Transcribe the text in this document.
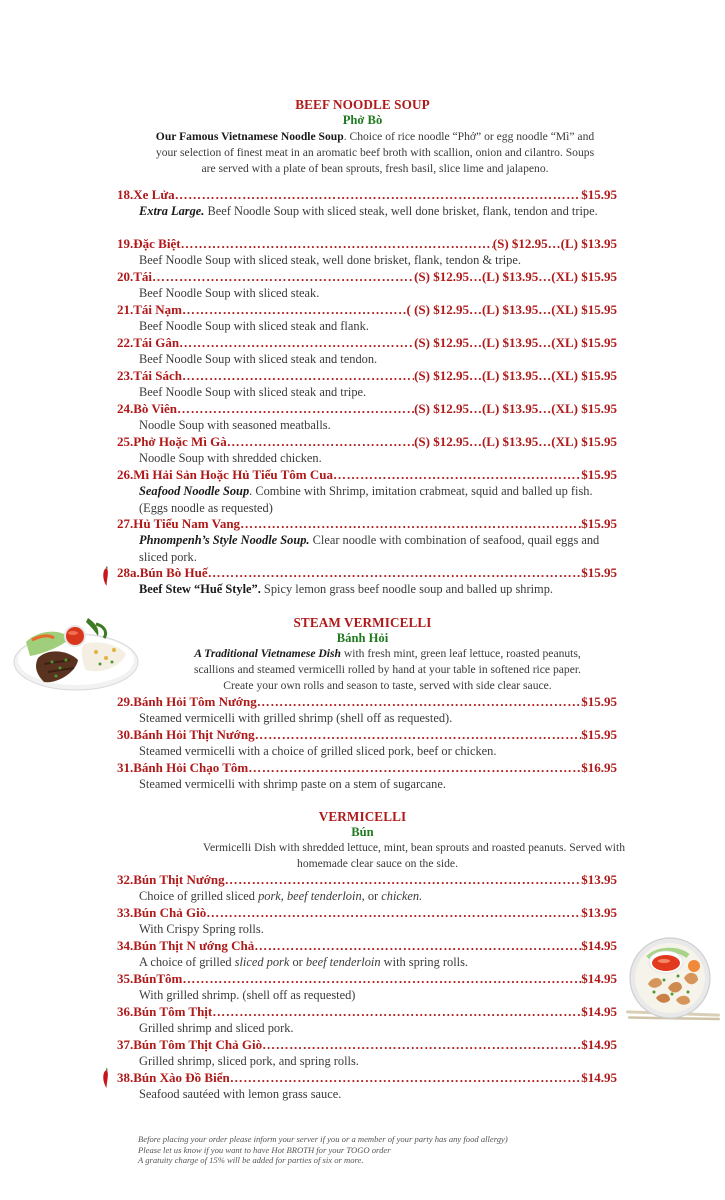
BEEF NOODLE SOUP
Phở Bò
Our Famous Vietnamese Noodle Soup. Choice of rice noodle “Phở” or egg noodle “Mì” and
your selection of finest meat in an aromatic beef broth with scallion, onion and cilantro. Soups
are served with a plate of bean sprouts, fresh basil, slice lime and jalapeno.
18. Xe Lửa ………………………………………………………………………………………………………………………………………………………	$15.95
Extra Large. Beef Noodle Soup with sliced steak, well done brisket, flank, tendon and tripe.
19. Đặc Biệt ………………………………………………………………………………………………………………………………………………………	(S) $12.95…(L) $13.95
Beef Noodle Soup with sliced steak, well done brisket, flank, tendon & tripe.
20. Tái ………………………………………………………………………………………………………………………………………………………	(S) $12.95…(L) $13.95…(XL) $15.95
Beef Noodle Soup with sliced steak.
21. Tái Nạm ………………………………………………………………………………………………………………………………………………………	( (S) $12.95…(L) $13.95…(XL) $15.95
Beef Noodle Soup with sliced steak and flank.
22. Tái Gân ………………………………………………………………………………………………………………………………………………………	(S) $12.95…(L) $13.95…(XL) $15.95
Beef Noodle Soup with sliced steak and tendon.
23. Tái Sách ………………………………………………………………………………………………………………………………………………………	(S) $12.95…(L) $13.95…(XL) $15.95
Beef Noodle Soup with sliced steak and tripe.
24. Bò Viên ………………………………………………………………………………………………………………………………………………………	(S) $12.95…(L) $13.95…(XL) $15.95
Noodle Soup with seasoned meatballs.
25. Phở Hoặc Mì Gà ………………………………………………………………………………………………………………………………………………………	(S) $12.95…(L) $13.95…(XL) $15.95
Noodle Soup with shredded chicken.
26. Mì Hải Sản Hoặc Hủ Tiếu Tôm Cua ………………………………………………………………………………………………………………………………………………………	$15.95
Seafood Noodle Soup. Combine with Shrimp, imitation crabmeat, squid and balled up fish. (Eggs noodle as requested)
27. Hủ Tiếu Nam Vang ………………………………………………………………………………………………………………………………………………………	$15.95
Phnompenh’s Style Noodle Soup. Clear noodle with combination of seafood, quail eggs and sliced pork.
28a. Bún Bò Huế ………………………………………………………………………………………………………………………………………………………	$15.95
Beef Stew “Huế Style”. Spicy lemon grass beef noodle soup and balled up shrimp.
STEAM VERMICELLI
Bánh Hỏi
A Traditional Vietnamese Dish with fresh mint, green leaf lettuce, roasted peanuts,
scallions and steamed vermicelli rolled by hand at your table in softened rice paper.
Create your own rolls and season to taste, served with side clear sauce.
29. Bánh Hỏi Tôm Nướng ………………………………………………………………………………………………………………………………………………………	$15.95
Steamed vermicelli with grilled shrimp (shell off as requested).
30. Bánh Hỏi Thịt Nướng ………………………………………………………………………………………………………………………………………………………	$15.95
Steamed vermicelli with a choice of grilled sliced pork, beef or chicken.
31. Bánh Hỏi Chạo Tôm ………………………………………………………………………………………………………………………………………………………	$16.95
Steamed vermicelli with shrimp paste on a stem of sugarcane.
VERMICELLI
Bún
Vermicelli Dish with shredded lettuce, mint, bean sprouts and roasted peanuts. Served with
homemade clear sauce on the side.
32. Bún Thịt Nướng ………………………………………………………………………………………………………………………………………………………	$13.95
Choice of grilled sliced pork, beef tenderloin, or chicken.
33. Bún Chả Giò ………………………………………………………………………………………………………………………………………………………	$13.95
With Crispy Spring rolls.
34. Bún Thịt N ướng Chả ………………………………………………………………………………………………………………………………………………………	$14.95
A choice of grilled sliced pork or beef tenderloin with spring rolls.
35. BúnTôm ………………………………………………………………………………………………………………………………………………………	$14.95
With grilled shrimp. (shell off as requested)
36. Bún Tôm Thịt ………………………………………………………………………………………………………………………………………………………	$14.95
Grilled shrimp and sliced pork.
37. Bún Tôm Thịt Chả Giò ………………………………………………………………………………………………………………………………………………………	$14.95
Grilled shrimp, sliced pork, and spring rolls.
38. Bún Xào Đồ Biển ………………………………………………………………………………………………………………………………………………………	$14.95
Seafood sautéed with lemon grass sauce.
Before placing your order please inform your server if you or a member of your party has any food allergy)
Please let us know if you want to have Hot BROTH for your TOGO order
A gratuity charge of 15% will be added for parties of six or more.
